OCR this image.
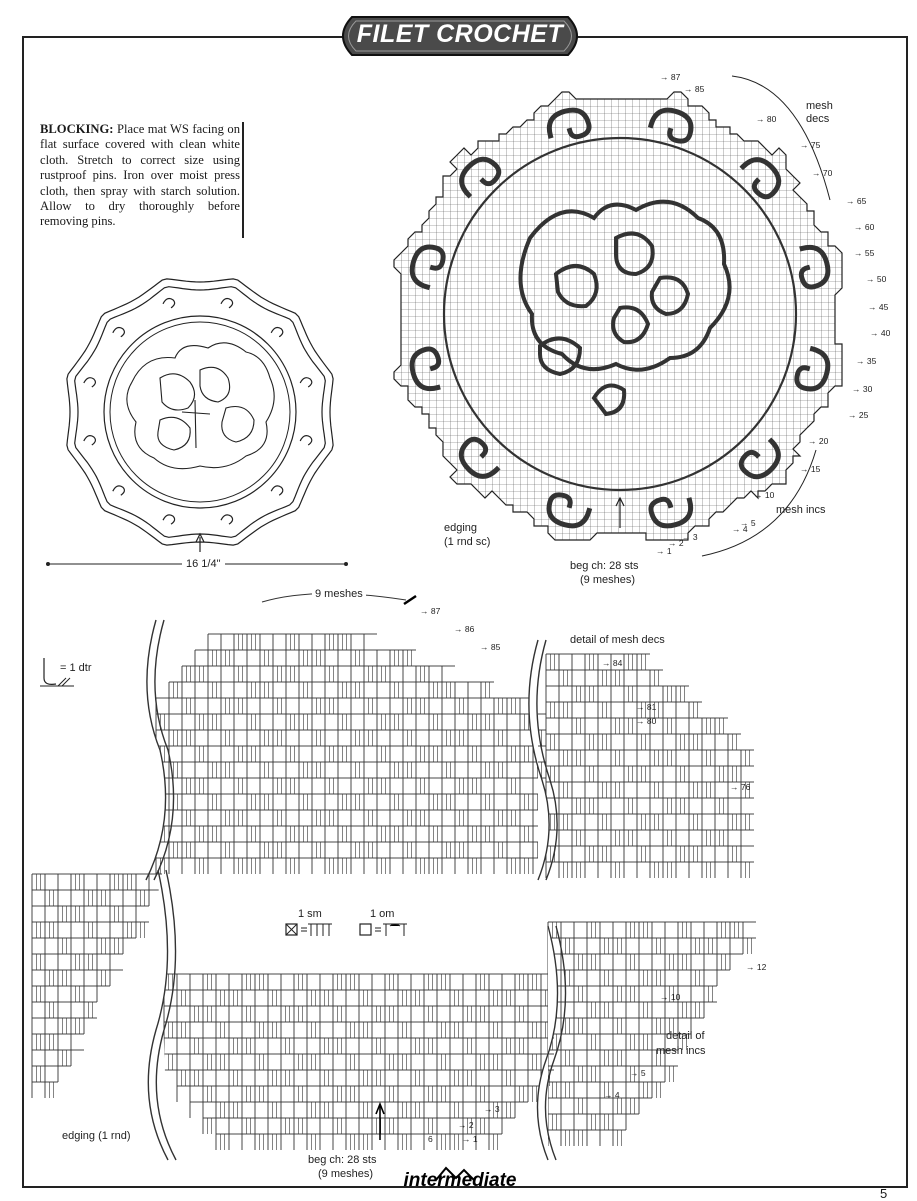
FILET CROCHET
BLOCKING: Place mat WS facing on flat surface covered with clean white cloth. Stretch to correct size using rustproof pins. Iron over moist press cloth, then spray with starch solution. Allow to dry thoroughly before removing pins.
16 1/4"
mesh decs
mesh incs
edging
(1 rnd sc)
beg ch: 28 sts
(9 meshes)
→ 87
→ 85
→ 80
→ 75
→ 70
→ 65
→ 60
→ 55
→ 50
→ 45
→ 40
→ 35
→ 30
→ 25
→ 20
→ 15
→ 10
→ 5
→ 4
→ 3
→ 2
→ 1
9 meshes
detail of mesh decs
= 1 dtr
→ 87
→ 86
→ 85
→ 84
→ 81
→ 80
→ 76
1 sm	1 om
detail of
mesh incs
edging (1 rnd)
beg ch: 28 sts
(9 meshes)
→ 12
→ 10
6
→ 5
→ 4
→ 3
→ 2
→ 1
intermediate
5
